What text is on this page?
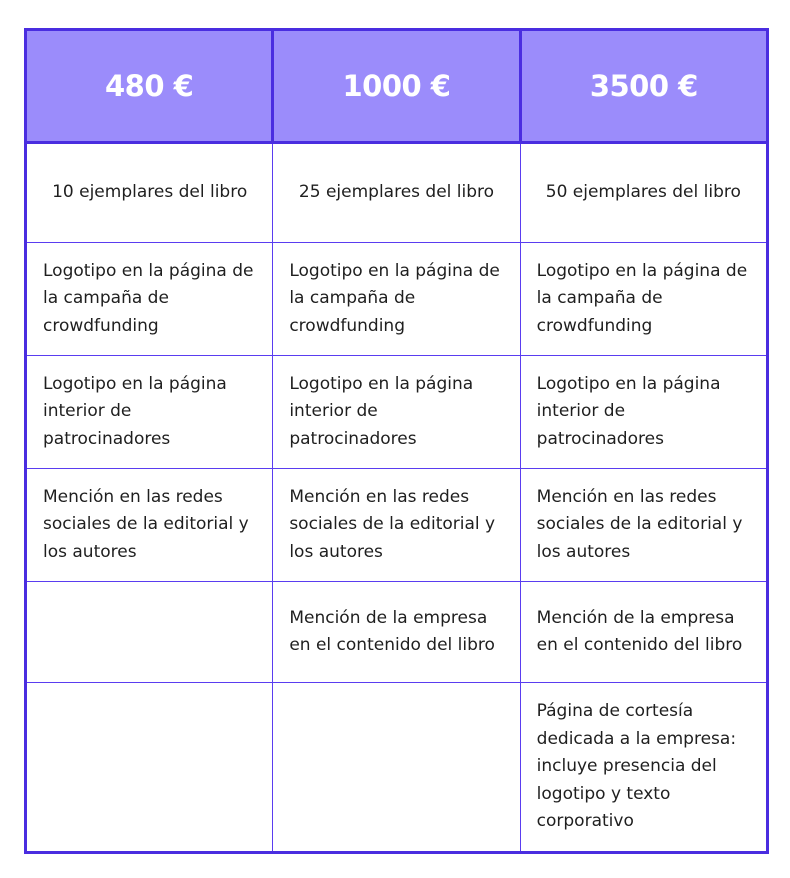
480 €	1000 €	3500 €
10 ejemplares del libro	25 ejemplares del libro	50 ejemplares del libro
Logotipo en la página de la campaña de crowdfunding	Logotipo en la página de la campaña de crowdfunding	Logotipo en la página de la campaña de crowdfunding
Logotipo en la página interior de patrocinadores	Logotipo en la página interior de patrocinadores	Logotipo en la página interior de patrocinadores
Mención en las redes sociales de la editorial y los autores	Mención en las redes sociales de la editorial y los autores	Mención en las redes sociales de la editorial y los autores
	Mención de la empresa en el contenido del libro	Mención de la empresa en el contenido del libro
		Página de cortesía dedicada a la empresa: incluye presencia del logotipo y texto corporativo
